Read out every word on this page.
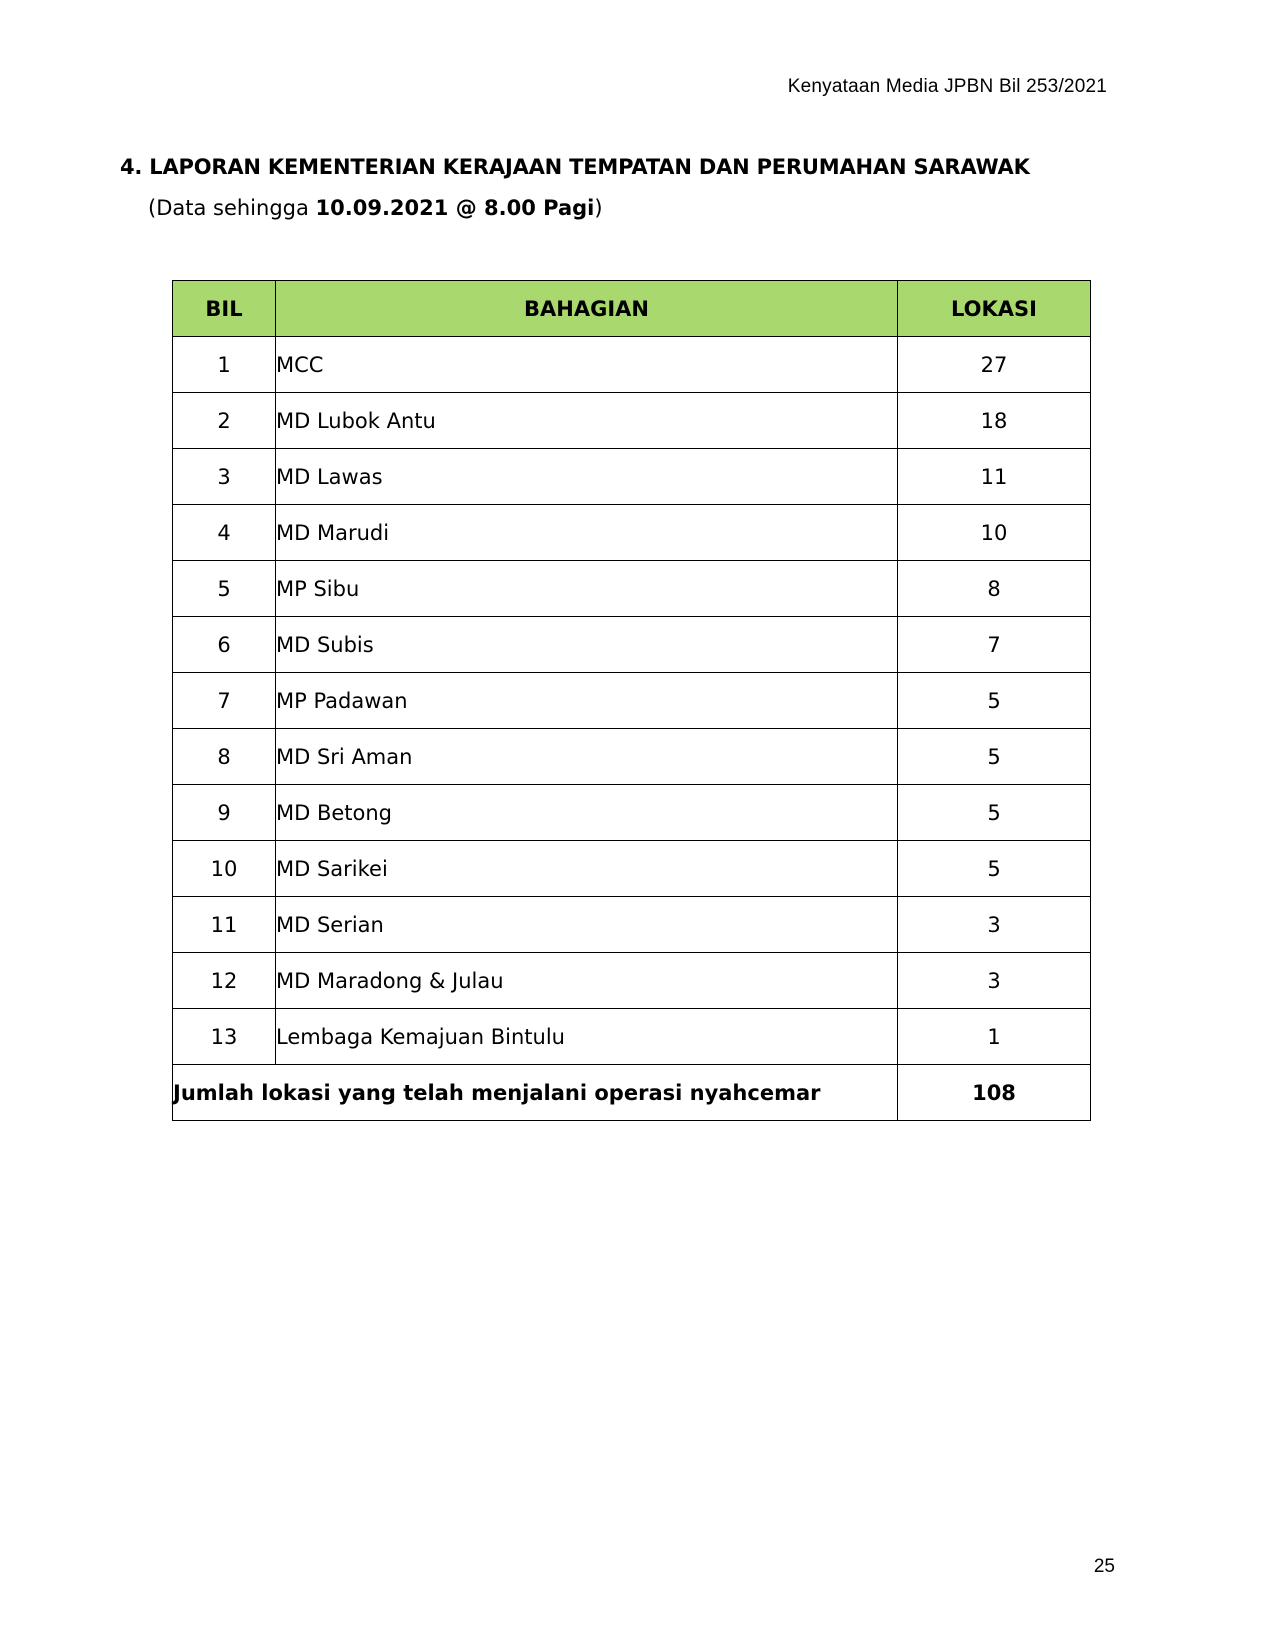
Kenyataan Media JPBN Bil 253/2021
4. LAPORAN KEMENTERIAN KERAJAAN TEMPATAN DAN PERUMAHAN SARAWAK
(Data sehingga 10.09.2021 @ 8.00 Pagi)
BIL	BAHAGIAN	LOKASI
1	MCC	27
2	MD Lubok Antu	18
3	MD Lawas	11
4	MD Marudi	10
5	MP Sibu	8
6	MD Subis	7
7	MP Padawan	5
8	MD Sri Aman	5
9	MD Betong	5
10	MD Sarikei	5
11	MD Serian	3
12	MD Maradong & Julau	3
13	Lembaga Kemajuan Bintulu	1
Jumlah lokasi yang telah menjalani operasi nyahcemar		108
25
